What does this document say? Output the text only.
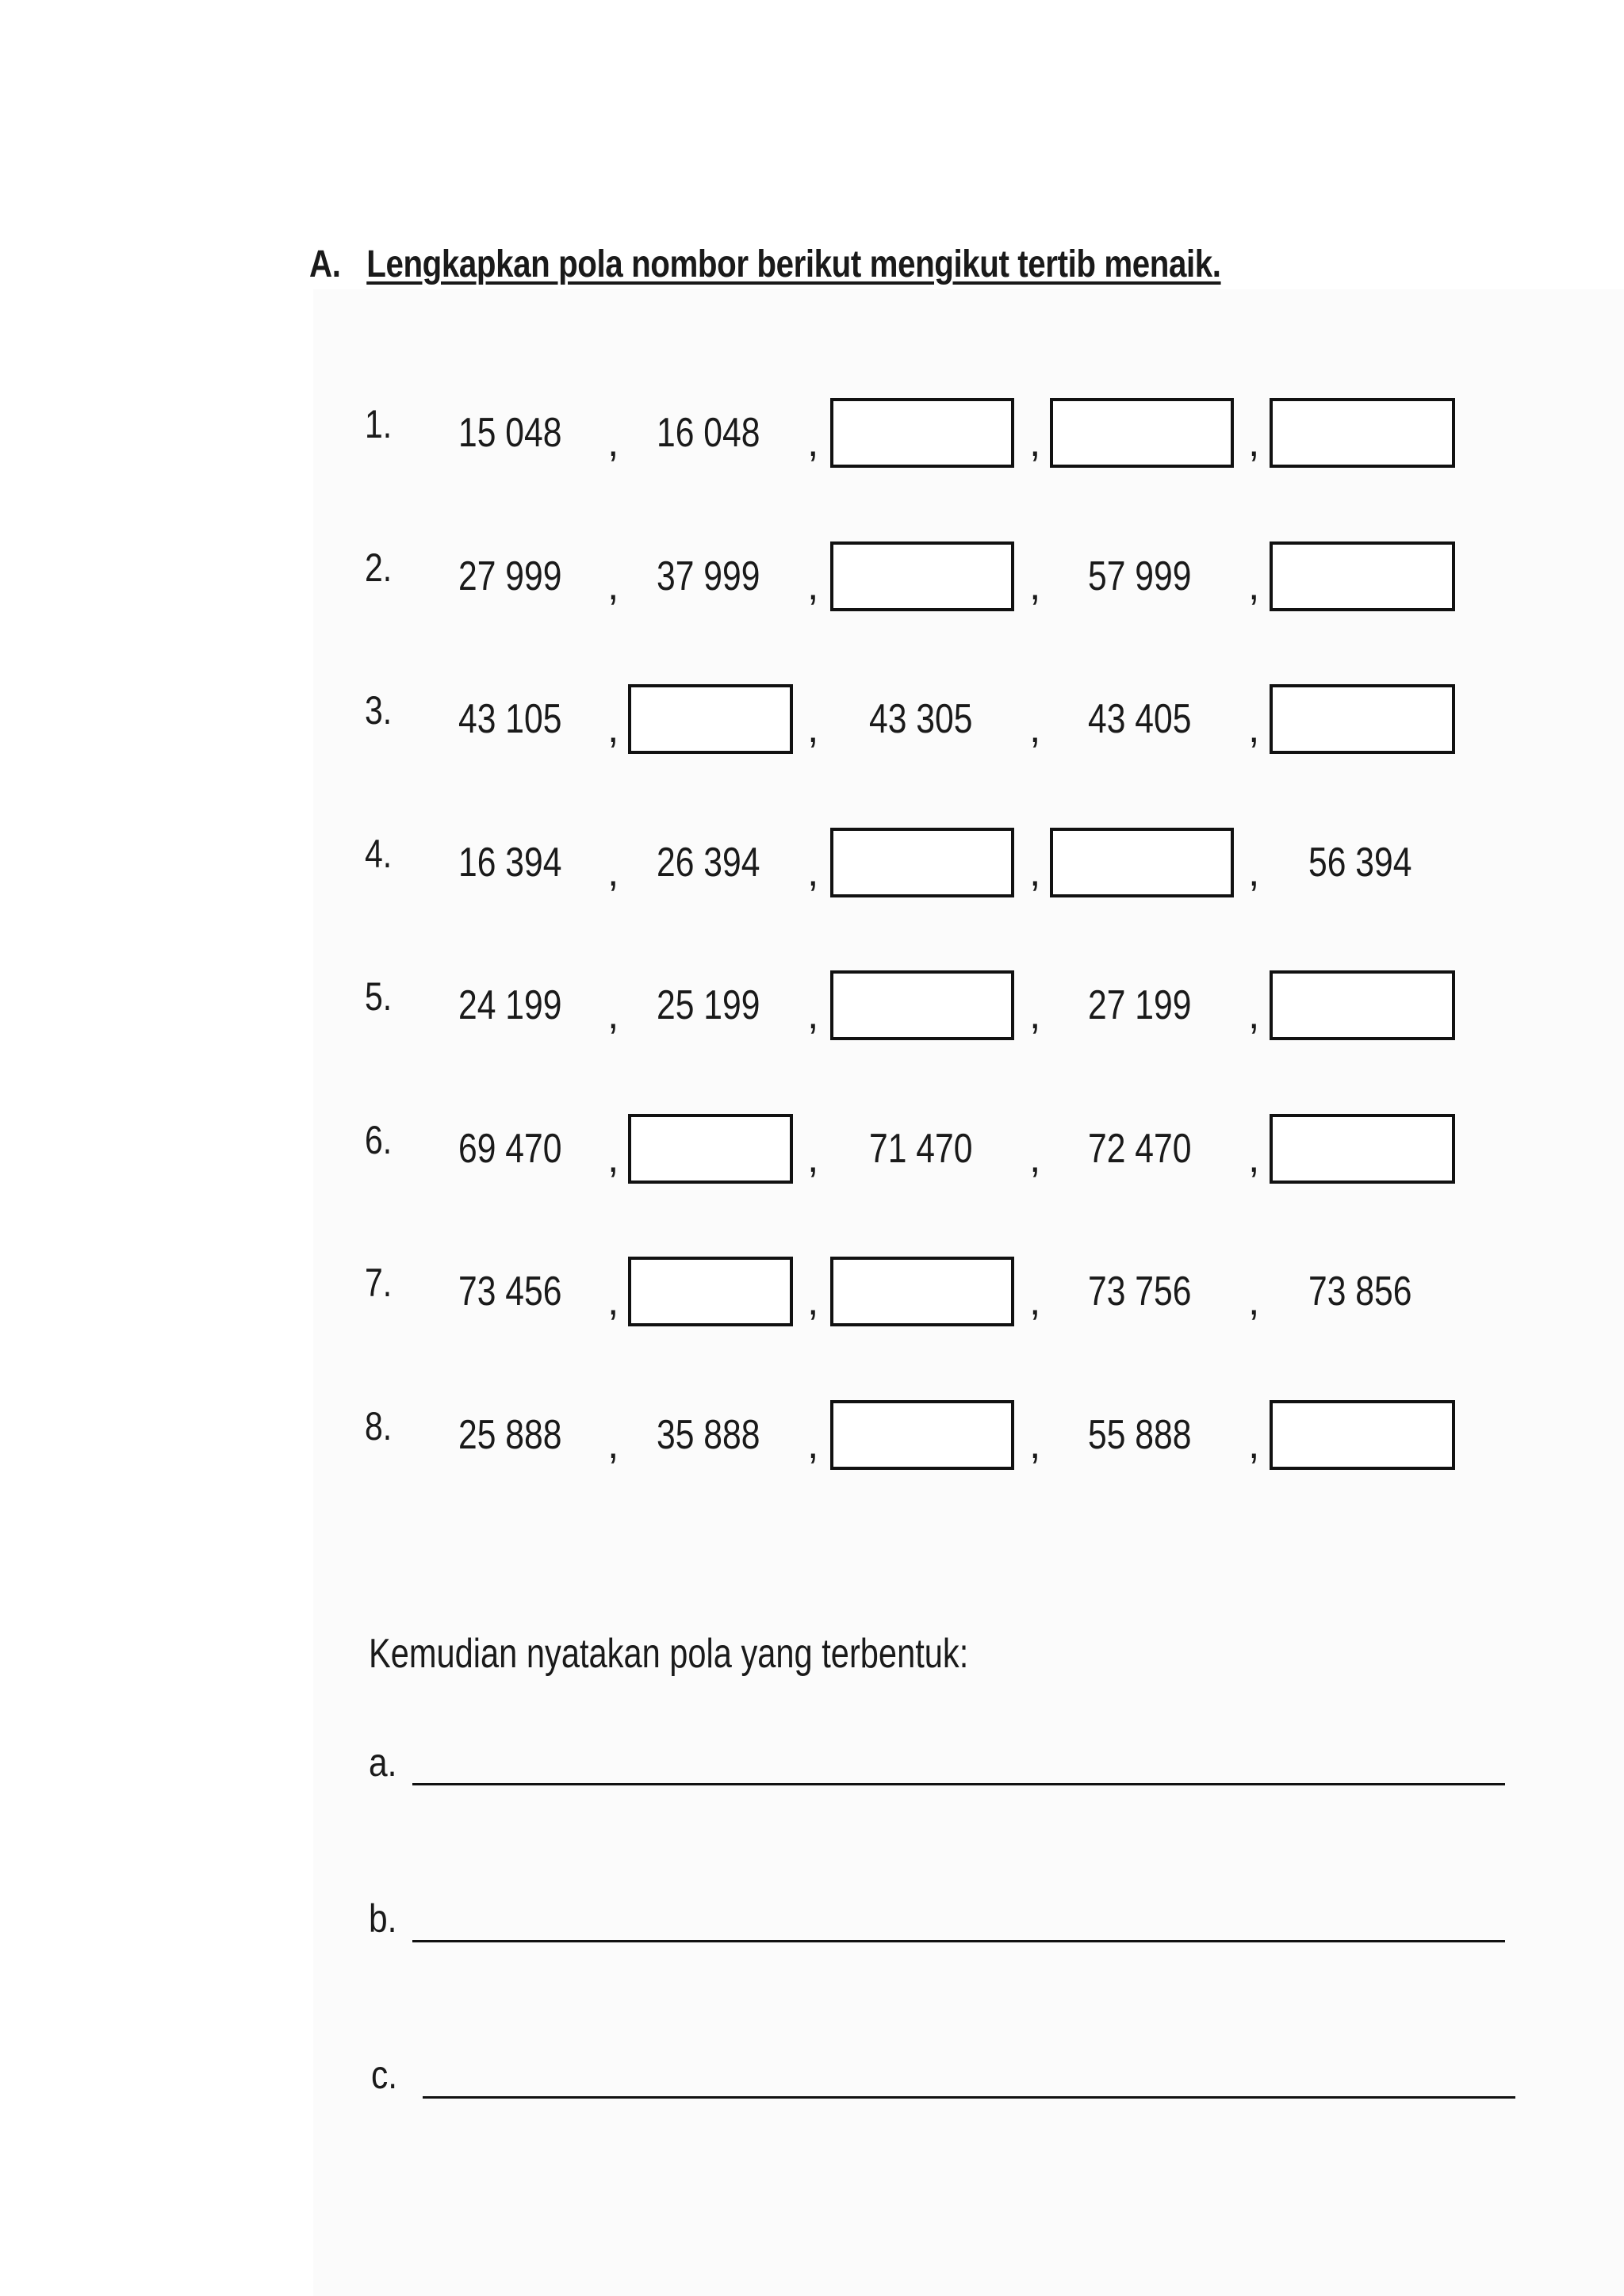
A. Lengkapkan pola nombor berikut mengikut tertib menaik.
1. 15 048 , 16 048 ,	,	,
2. 27 999 , 37 999 ,	, 57 999 ,
3. 43 105 ,	, 43 305 , 43 405 ,
4. 16 394 , 26 394 ,	,	, 56 394
5. 24 199 , 25 199 ,	, 27 199 ,
6. 69 470 ,	, 71 470 , 72 470 ,
7. 73 456 ,	,	, 73 756 , 73 856
8. 25 888 , 35 888 ,	, 55 888 ,
Kemudian nyatakan pola yang terbentuk:
a.
b.
c.
